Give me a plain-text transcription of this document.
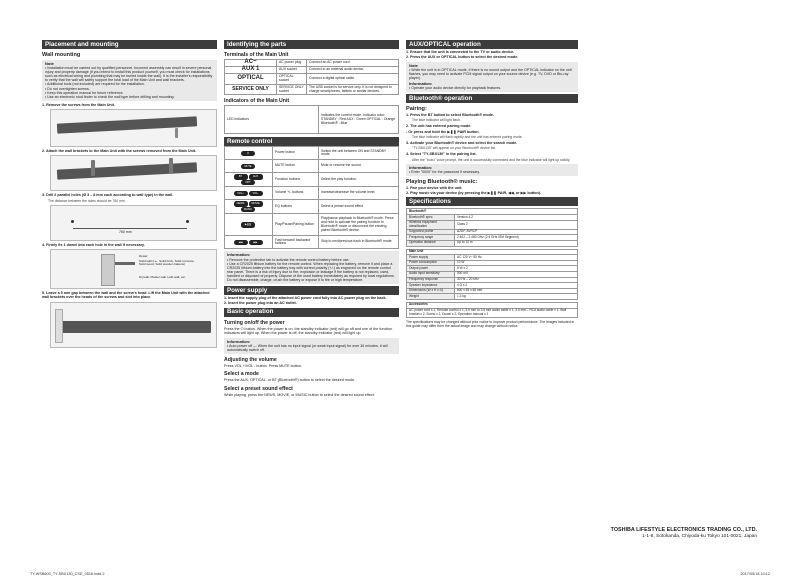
Placement and mounting
Wall mounting
Note
• Installation must be carried out by qualified personnel. Incorrect assembly can result in severe personal injury and property damage (if you intend to install this product yourself, you must check for installations such as electrical wiring and plumbing that may be buried inside the wall). It is the installer's responsibility to verify that the wall will safely support the total load of the Main Unit and wall brackets.
• Additional tools (not included) are required for the installation.
• Do not overtighten screws.
• Keep this operation manual for future reference.
• Use an electronic stud finder to check the wall type before drilling and mounting.
1. Remove the screws from the Main Unit.
2. Attach the wall brackets to the Main Unit with the screws removed from the Main Unit.
3. Drill 2 parallel holes (Ø 3 – 8 mm each according to wall type) in the wall.
The distance between the holes should be 760 mm.
760 mm
4. Firmly fix 1 dowel into each hole in the wall if necessary.
Dowel
Solid wall (i.e., Solid brick, Solid concrete, Solid wood, Solid wooden battens)
Drywall, Plaster wall, Lath wall, etc.
5. Leave a 5 mm gap between the wall and the screw's head. Lift the Main Unit with the attached wall brackets over the heads of the screws and slot into place.
Identifying the parts
Terminals of the Main Unit
AC~	AC power plug	Connect an AC power cord.
AUX 1	AUX socket	Connect to an external audio device.
OPTICAL	OPTICAL socket	Connect a digital optical cable.
SERVICE ONLY	SERVICE ONLY socket	The USB socket is for service only. It is not designed to charge smartphones, tablets or similar devices.
Indicators of the Main Unit
LED indicators	Indicates the current mode. Indicator color: STANDBY : Red AUX : Green OPTICAL : Orange Bluetooth® : Blue
Remote control
⏻	Power button	Switch the unit between ON and STANDBY mode.
MUTE	MUTE button	Mute or resume the sound.
BT AUXOPT	Function buttons	Select the play function.
VOL+ VOL-	Volume +/- buttons	Increase/decrease the volume level.
NEWS MOVIEMUSIC	EQ buttons	Select a preset sound effect.
▶❚❚	Play/Pause/Pairing button	Play/pause playback in Bluetooth® mode. Press and hold to activate the pairing function in Bluetooth® mode or disconnect the existing paired Bluetooth® device.
◀◀ ▶▶	Fast forward/ backward buttons	Skip to next/previous track in Bluetooth® mode.
Information:
• Remove the protective tab to activate the remote control battery before use.
• Use a CR2025 lithium battery for the remote control. When replacing the battery, remove it and place a CR2025 lithium battery into the battery tray with correct polarity (+/-) as engraved on the remote control rear panel. There is a risk of injury due to fire, explosion or leakage if the battery is not replaced, used, handled or disposed of properly. Dispose of the used battery immediately as required by local regulations. Do not disassemble, charge, crush the battery or expose it to fire or high temperature.
Power supply
1. Insert the supply plug of the attached AC power cord fully into AC power plug on the back.
2. Insert the power plug into an AC outlet.
Basic operation
Turning on/off the power
Press the ⏻ button. When the power is on, the standby indicator (red) will go off and one of the function indicators will light up. When the power is off, the standby indicator (red) will light up.
Information:
• Auto power off — When the unit has no input signal (or weak input signal) for over 36 minutes, it will automatically switch off.
Adjusting the volume
Press VOL +/VOL - button. Press MUTE button.
Select a mode
Press the AUX, OPTICAL, or BT (Bluetooth®) button to select the desired mode.
Select a preset sound effect
While playing, press the NEWS, MOVIE, or MUSIC button to select the desired sound effect.
AUX/OPTICAL operation
1. Ensure that the unit is connected to the TV or audio device.
2. Press the AUX or OPTICAL button to select the desired mode.
Note
• While the unit is in OPTICAL mode, if there is no sound output and the OPTICAL indicator on the unit flashes, you may need to activate PCM signal output on your source device (e.g. TV, DVD or Blu-ray player).
Information:
• Operate your audio device directly for playback features.
Bluetooth® operation
Pairing:
1. Press the BT button to select Bluetooth® mode.
The blue indicator will light flash.
2. The unit has entered pairing mode.
- Or press and hold the ▶❚❚ PAIR button.
The blue indicator will flash rapidly and the unit has entered pairing mode.
3. Activate your Bluetooth® device and select the search mode.
"TY-SBX130" will appear on your Bluetooth® device list.
4. Select "TY-SBX130" in the pairing list.
After the "bubu" voice prompt, the unit is successfully connected and the blue indicator will light up solidly.
Information:
• Enter "0000" for the password if necessary.
Playing Bluetooth® music:
1. Pair your device with the unit.
2. Play music via your device (by pressing the ▶❚❚ PAIR, ◀◀, or ▶▶ button).
Specifications
Bluetooth®	
Bluetooth® spec.	Version 4.2
Wireless equipment classification	Class 2
Supported profile	A2DP, AVRCP
Frequency range	2.402 – 2.480 GHz (2.4 GHz ISM Segment)
Operation distance	Up to 10 m
Main Unit	
Power supply	AC 120 V~ 50 Hz
Power consumption	10 W
Output power	8 W x 2
Audio input sensitivity	500 mV
Frequency response	40 Hz – 20 kHz
Speaker impedance	4 Ω x 2
Dimensions (W x H x D)	800 x 65 x 65 mm
Weight	1.3 kg
Accessories
AC power cord x 1, Remote control x 1, 3.5 mm to 3.5 mm audio cable x 1, 3.5 mm – RCA audio cable x 1, Wall bracket x 2, Screw x 2, Dowel x 2, Operation manual x 1
The specifications may be changed without prior notice to improve product performance. The images included in this guide may differ from the actual image and may change without notice.
TOSHIBA LIFESTYLE ELECTRONICS TRADING CO., LTD.
1-1-8, Sotokanda, Chiyoda-ku Tokyo 101-0021, Japan
TY-WSB600_TY-SBX130_CSE_0516.indd 2	2017/05/18 10:12
